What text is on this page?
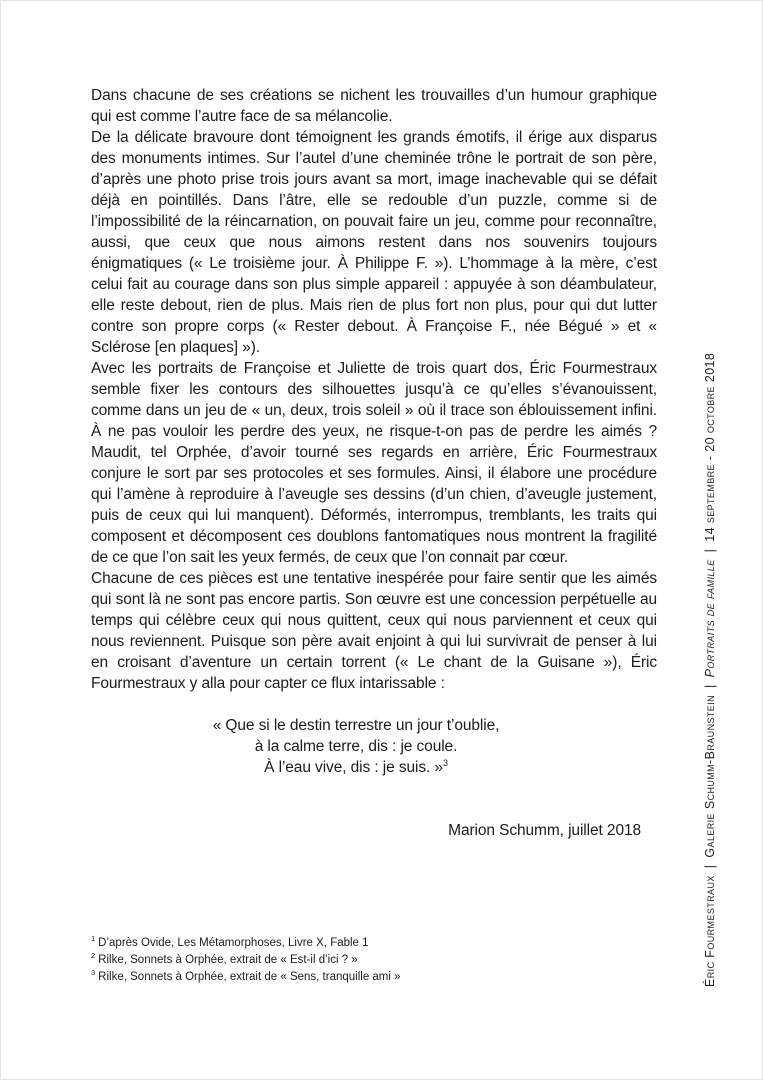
Dans chacune de ses créations se nichent les trouvailles d’un humour graphique qui est comme l’autre face de sa mélancolie.

De la délicate bravoure dont témoignent les grands émotifs, il érige aux disparus des monuments intimes. Sur l’autel d’une cheminée trône le portrait de son père, d’après une photo prise trois jours avant sa mort, image inachevable qui se défait déjà en pointillés. Dans l’âtre, elle se redouble d’un puzzle, comme si de l’impossibilité de la réincarnation, on pouvait faire un jeu, comme pour reconnaître, aussi, que ceux que nous aimons restent dans nos souvenirs toujours énigmatiques (« Le troisième jour. À Philippe F. »). L’hommage à la mère, c’est celui fait au courage dans son plus simple appareil : appuyée à son déambulateur, elle reste debout, rien de plus. Mais rien de plus fort non plus, pour qui dut lutter contre son propre corps (« Rester debout. À Françoise F., née Bégué » et « Sclérose [en plaques] »).

Avec les portraits de Françoise et Juliette de trois quart dos, Éric Fourmestraux semble fixer les contours des silhouettes jusqu’à ce qu’elles s’évanouissent, comme dans un jeu de « un, deux, trois soleil » où il trace son éblouissement infini. À ne pas vouloir les perdre des yeux, ne risque-t-on pas de perdre les aimés ? Maudit, tel Orphée, d’avoir tourné ses regards en arrière, Éric Fourmestraux conjure le sort par ses protocoles et ses formules. Ainsi, il élabore une procédure qui l’amène à reproduire à l’aveugle ses dessins (d’un chien, d’aveugle justement, puis de ceux qui lui manquent). Déformés, interrompus, tremblants, les traits qui composent et décomposent ces doublons fantomatiques nous montrent la fragilité de ce que l’on sait les yeux fermés, de ceux que l’on connait par cœur.

Chacune de ces pièces est une tentative inespérée pour faire sentir que les aimés qui sont là ne sont pas encore partis. Son œuvre est une concession perpétuelle au temps qui célèbre ceux qui nous quittent, ceux qui nous parviennent et ceux qui nous reviennent. Puisque son père avait enjoint à qui lui survivrait de penser à lui en croisant d’aventure un certain torrent (« Le chant de la Guisane »), Éric Fourmestraux y alla pour capter ce flux intarissable :

« Que si le destin terrestre un jour t’oublie,
à la calme terre, dis : je coule.
À l’eau vive, dis : je suis. »$^3$
Marion Schumm, juillet 2018
$^1$ D’après Ovide, Les Métamorphoses, Livre X, Fable 1
$^2$ Rilke, Sonnets à Orphée, extrait de « Est-il d’ici ? »
$^3$ Rilke, Sonnets à Orphée, extrait de « Sens, tranquille ami »	Éric Fourmestraux|Galerie Schumm-Braunstein|Portraits de famille|14 septembre - 20 octobre 2018
